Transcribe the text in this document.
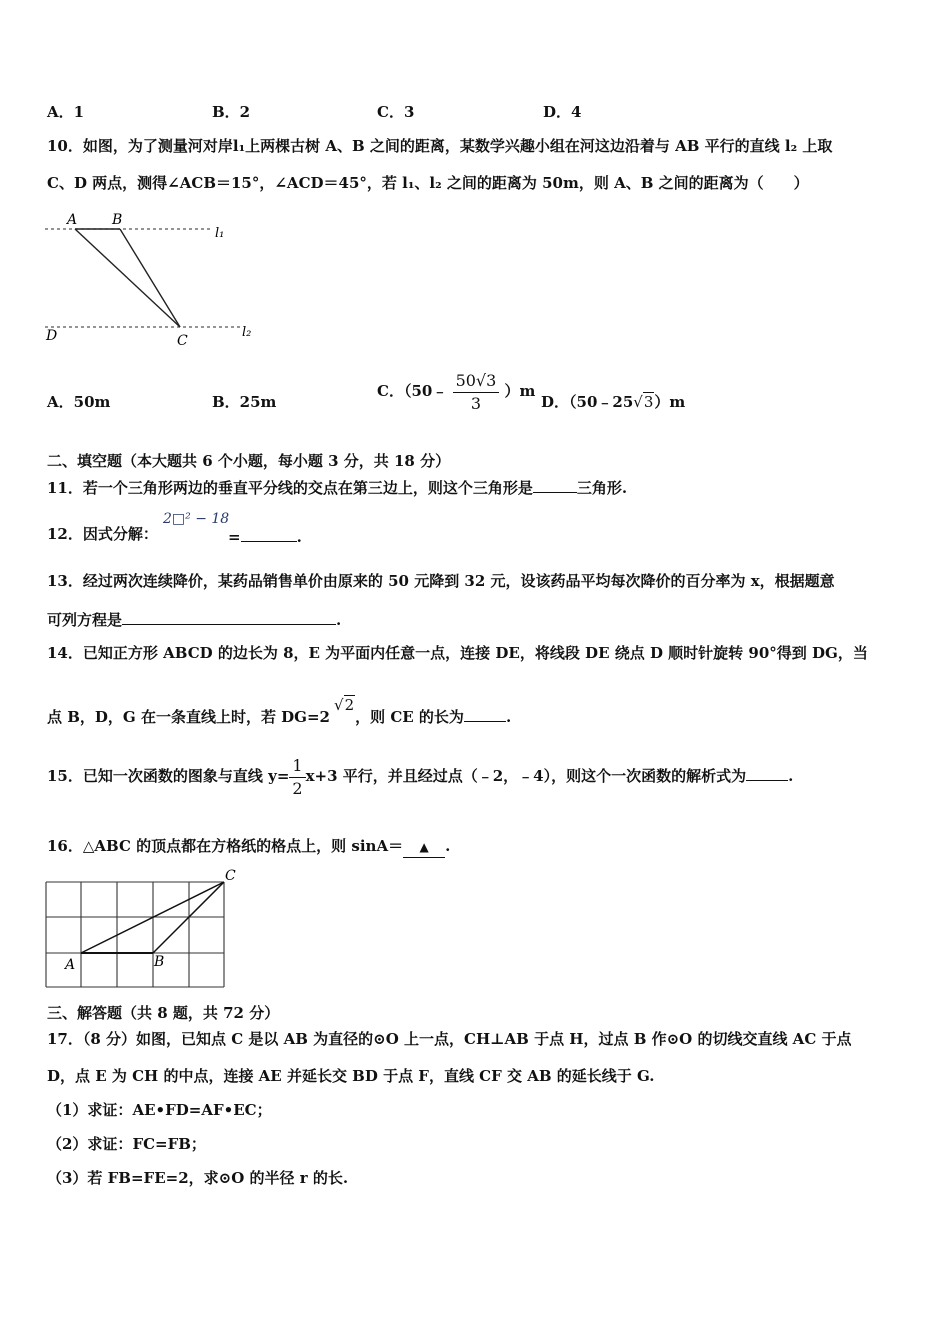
A．1	B．2	C．3	D．4
10．如图，为了测量河对岸l₁上两棵古树 A、B 之间的距离，某数学兴趣小组在河这边沿着与 AB 平行的直线 l₂ 上取
C、D 两点，测得∠ACB＝15°，∠ACD＝45°，若 l₁、l₂ 之间的距离为 50m，则 A、B 之间的距离为（　　）
A B
C
D
l₁
l₂
A．50m	B．25m
C．（50﹣ $\frac{50√3}{3} )m$
D．（50﹣25√3）m
二、填空题（本大题共 6 个小题，每小题 3 分，共 18 分）
11．若一个三角形两边的垂直平分线的交点在第三边上，则这个三角形是	三角形.
12．因式分解：
2□² − 18
=	.
13．经过两次连续降价，某药品销售单价由原来的 50 元降到 32 元，设该药品平均每次降价的百分率为 x，根据题意
可列方程是	.
14．已知正方形 ABCD 的边长为 8，E 为平面内任意一点，连接 DE，将线段 DE 绕点 D 顺时针旋转 90°得到 DG，当
点 B，D，G 在一条直线上时，若 DG=2√2，则 CE 的长为	.
15．已知一次函数的图象与直线 $y= \frac{1}{2} x+3$ 平行，并且经过点（﹣2，﹣4），则这个一次函数的解析式为	.
16．△ABC 的顶点都在方格纸的格点上，则 sinA＝ ▲ .
A	B
C
三、解答题（共 8 题，共 72 分）
17．（8 分）如图，已知点 C 是以 AB 为直径的⊙O 上一点，CH⊥AB 于点 H，过点 B 作⊙O 的切线交直线 AC 于点
D，点 E 为 CH 的中点，连接 AE 并延长交 BD 于点 F，直线 CF 交 AB 的延长线于 G.
（1）求证：AE•FD=AF•EC；
（2）求证：FC=FB；
（3）若 FB=FE=2，求⊙O 的半径 r 的长.
